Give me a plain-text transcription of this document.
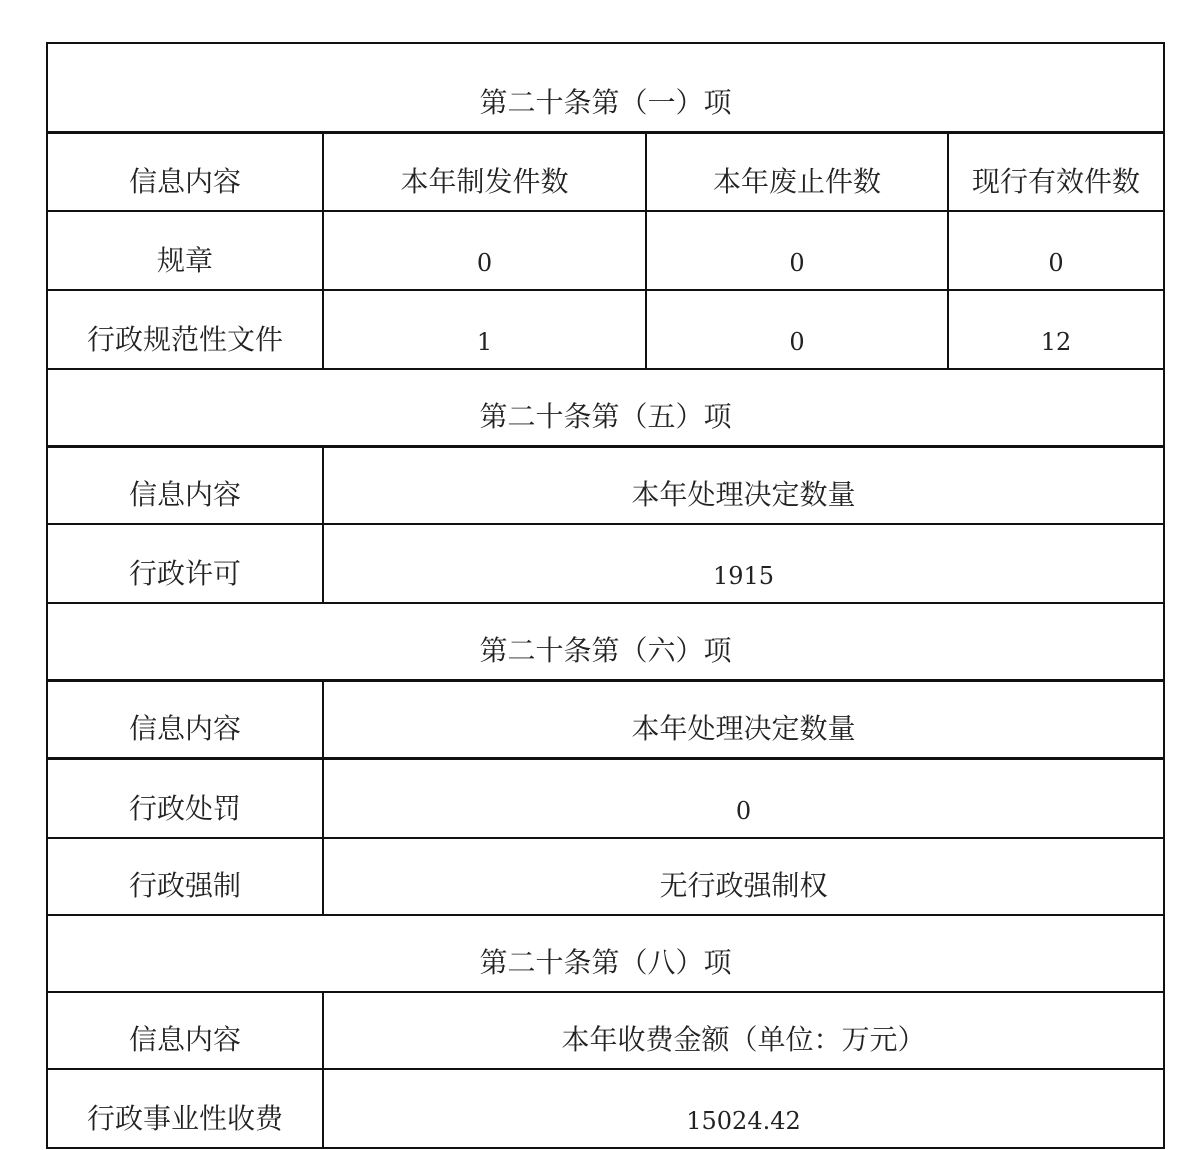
第二十条第（一）项			
信息内容	本年制发件数	本年废止件数	现行有效件数
规章	0	0	0
行政规范性文件	1	0	12
第二十条第（五）项			
信息内容	本年处理决定数量		
行政许可	1915		
第二十条第（六）项			
信息内容	本年处理决定数量		
行政处罚	0		
行政强制	无行政强制权		
第二十条第（八）项			
信息内容	本年收费金额（单位：万元）		
行政事业性收费	15024.42		
